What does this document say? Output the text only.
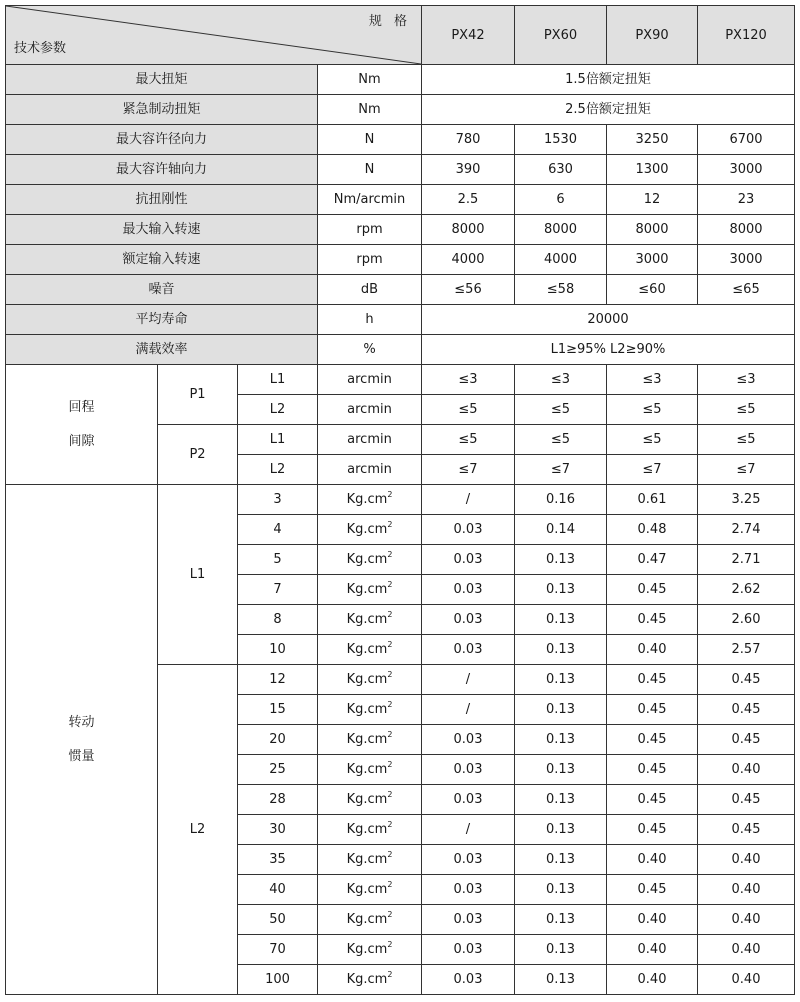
规 格
技术参数				PX42	PX60	PX90	PX120
最大扭矩			Nm	1.5倍额定扭矩			
紧急制动扭矩			Nm	2.5倍额定扭矩			
最大容许径向力			N	780	1530	3250	6700
最大容许轴向力			N	390	630	1300	3000
抗扭刚性			Nm/arcmin	2.5	6	12	23
最大输入转速			rpm	8000	8000	8000	8000
额定输入转速			rpm	4000	4000	3000	3000
噪音			dB	≤56	≤58	≤60	≤65
平均寿命			h	20000			
满载效率			%	L1≥95% L2≥90%			

回程
间隙	P1	L1	arcmin	≤3	≤3	≤3	≤3
		L2	arcmin	≤5	≤5	≤5	≤5
	P2	L1	arcmin	≤5	≤5	≤5	≤5
		L2	arcmin	≤7	≤7	≤7	≤7

转动
惯量	L1	3	$Kg.cm^2$	/	0.16	0.61	3.25
		4	$Kg.cm^2$	0.03	0.14	0.48	2.74
		5	$Kg.cm^2$	0.03	0.13	0.47	2.71
		7	$Kg.cm^2$	0.03	0.13	0.45	2.62
		8	$Kg.cm^2$	0.03	0.13	0.45	2.60
		10	$Kg.cm^2$	0.03	0.13	0.40	2.57
	L2	12	$Kg.cm^2$	/	0.13	0.45	0.45
		15	$Kg.cm^2$	/	0.13	0.45	0.45
		20	$Kg.cm^2$	0.03	0.13	0.45	0.45
		25	$Kg.cm^2$	0.03	0.13	0.45	0.40
		28	$Kg.cm^2$	0.03	0.13	0.45	0.45
		30	$Kg.cm^2$	/	0.13	0.45	0.45
		35	$Kg.cm^2$	0.03	0.13	0.40	0.40
		40	$Kg.cm^2$	0.03	0.13	0.45	0.40
		50	$Kg.cm^2$	0.03	0.13	0.40	0.40
		70	$Kg.cm^2$	0.03	0.13	0.40	0.40
		100	$Kg.cm^2$	0.03	0.13	0.40	0.40
